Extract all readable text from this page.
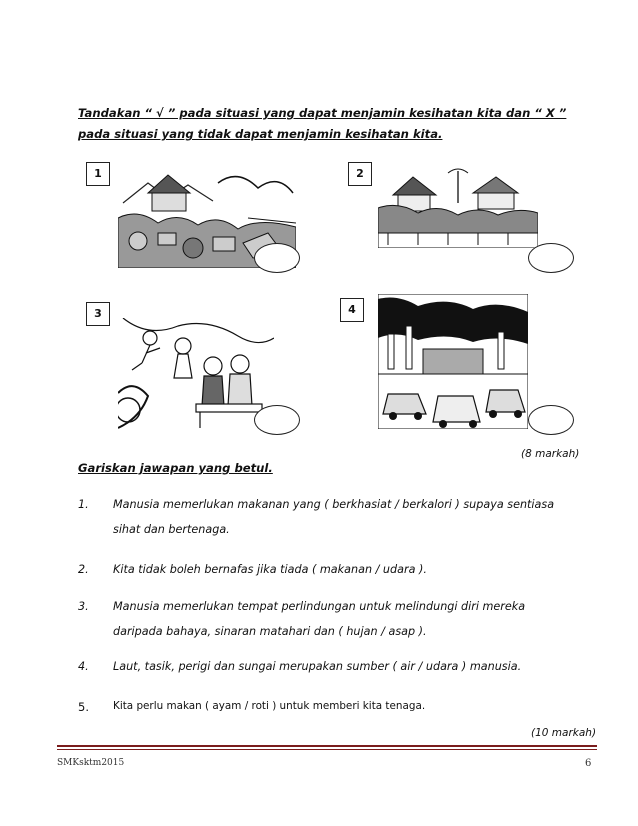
Tandakan “ √ ” pada situasi yang dapat menjamin kesihatan kita dan “ X ” pada situasi yang tidak dapat menjamin kesihatan kita.
1	2
3	4
(8 markah)
Gariskan jawapan yang betul.
1. Manusia memerlukan makanan yang ( berkhasiat / berkalori ) supaya sentiasa sihat dan bertenaga.
2. Kita tidak boleh bernafas jika tiada ( makanan / udara ).
3. Manusia memerlukan tempat perlindungan untuk melindungi diri mereka daripada bahaya, sinaran matahari dan ( hujan / asap ).
4. Laut, tasik, perigi dan sungai merupakan sumber ( air / udara ) manusia.
5. Kita perlu makan ( ayam / roti ) untuk memberi kita tenaga.
(10 markah)
SMKsktm2015	6
